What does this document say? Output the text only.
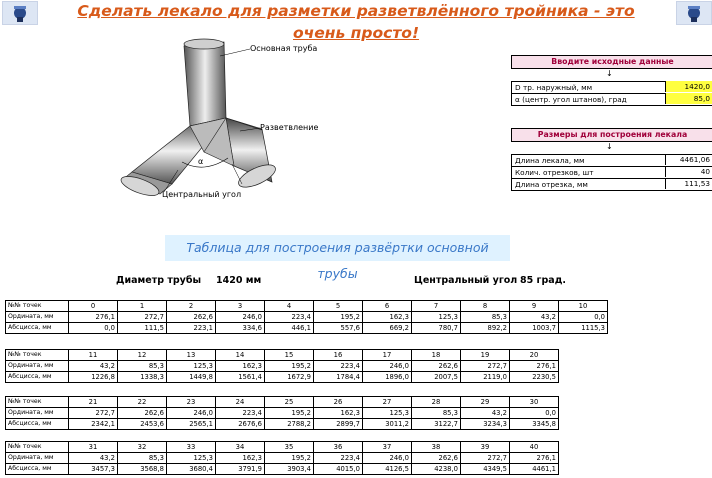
Сделать лекало для разметки разветвлённого тройника - это очень просто!
Основная труба
Разветвление
α
Центральный угол
Вводите исходные данные
↓
D тр. наружный, мм	1420,0
α (центр. угол штанов), град	85,0
Размеры для построения лекала
↓
Длина лекала, мм	4461,06
Колич. отрезков, шт	40
Длина отрезка, мм	111,53
Таблица для построения развёртки основной трубы
Диаметр трубы 1420 мм	Центральный угол 85 град.
№№ точек	0	1	2	3	4	5	6	7	8	9	10
Ордината, мм	276,1	272,7	262,6	246,0	223,4	195,2	162,3	125,3	85,3	43,2	0,0
Абсцисса, мм	0,0	111,5	223,1	334,6	446,1	557,6	669,2	780,7	892,2	1003,7	1115,3
№№ точек	11	12	13	14	15	16	17	18	19	20
Ордината, мм	43,2	85,3	125,3	162,3	195,2	223,4	246,0	262,6	272,7	276,1
Абсцисса, мм	1226,8	1338,3	1449,8	1561,4	1672,9	1784,4	1896,0	2007,5	2119,0	2230,5
№№ точек	21	22	23	24	25	26	27	28	29	30
Ордината, мм	272,7	262,6	246,0	223,4	195,2	162,3	125,3	85,3	43,2	0,0
Абсцисса, мм	2342,1	2453,6	2565,1	2676,6	2788,2	2899,7	3011,2	3122,7	3234,3	3345,8
№№ точек	31	32	33	34	35	36	37	38	39	40
Ордината, мм	43,2	85,3	125,3	162,3	195,2	223,4	246,0	262,6	272,7	276,1
Абсцисса, мм	3457,3	3568,8	3680,4	3791,9	3903,4	4015,0	4126,5	4238,0	4349,5	4461,1
